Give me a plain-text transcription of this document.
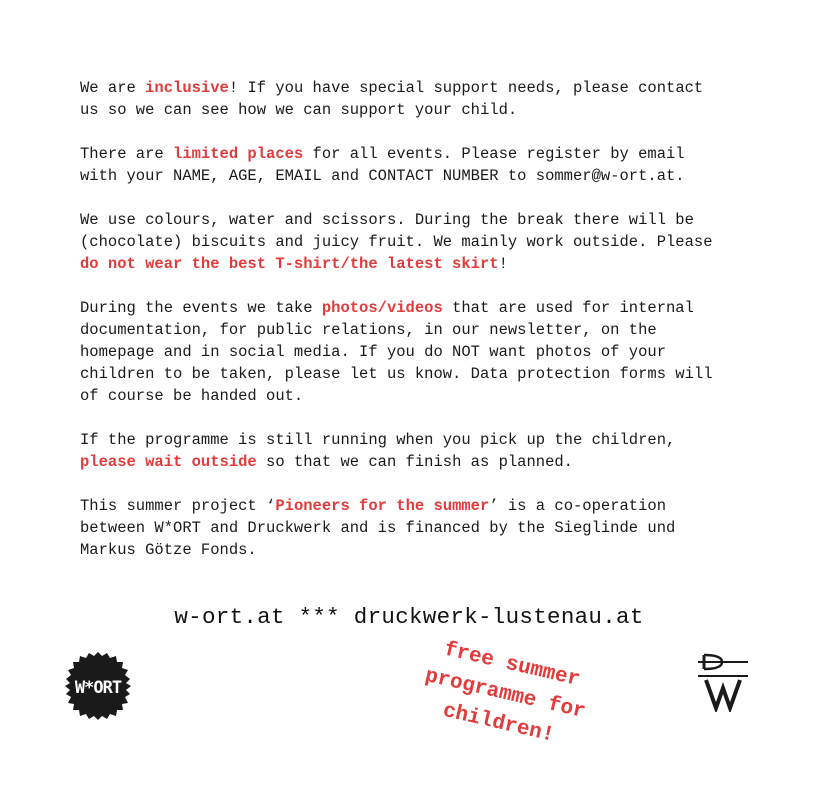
We are inclusive! If you have special support needs, please contact
us so we can see how we can support your child.

There are limited places for all events. Please register by email
with your NAME, AGE, EMAIL and CONTACT NUMBER to sommer@w-ort.at.

We use colours, water and scissors. During the break there will be
(chocolate) biscuits and juicy fruit. We mainly work outside. Please
do not wear the best T-shirt/the latest skirt!

During the events we take photos/videos that are used for internal
documentation, for public relations, in our newsletter, on the
homepage and in social media. If you do NOT want photos of your
children to be taken, please let us know. Data protection forms will
of course be handed out.

If the programme is still running when you pick up the children,
please wait outside so that we can finish as planned.

This summer project ‘Pioneers for the summer’ is a co-operation
between W*ORT and Druckwerk and is financed by the Sieglinde und
Markus Götze Fonds.

w-ort.at *** druckwerk-lustenau.at
W*ORT	free summer
programme for
children!
